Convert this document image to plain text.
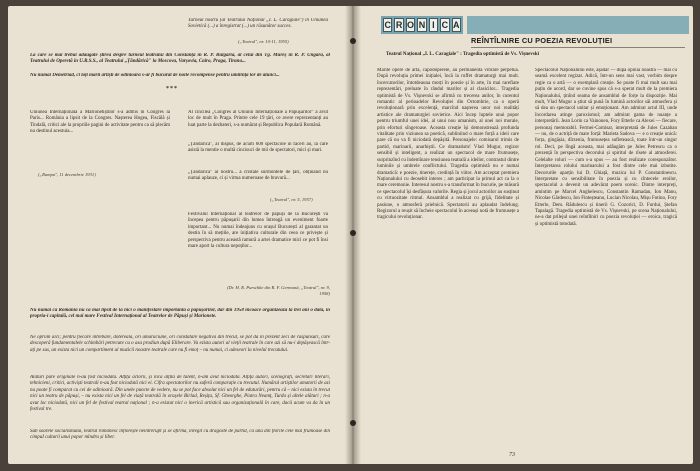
Turneul nostru (al Teatrului Național „I. L. Caragiale") în Uniunea Sovietică (...) a înregistrat (...) un răsunător succes.

(„Teatrul", nr. 10-11, 1955)

La care se mai trebui adăugate știrea despre turneul teatrului din Constanța în R. P. Bulgaria, al celui din Tg. Mureș în R. P. Ungară, al Teatrului de Operetă în U.R.S.S., al Teatrului „Țăndărică" la Moscova, Varșovia, Cairo, Praga, Tirana...

Nu numai Demetriad, ci toți marii artiști de odinioară s-ar fi bucurat de noile recompense pentru umilința lor de atunci...

***

Uniunea Internațională a Marionetiștilor s-a admis în Congres la Paris... România a lipsit de la Congres. Nașterea Hogea, Fiscălă și Tindală, critici ale la propriile pagini de activitate pentru ca să plecăm nu destinul acestuia...

(„Rampa", 11 decembrie 1931)

Al cincilea „Congres al Uniunii Internaționale a Păpușarilor" a avut loc de mult în Praga. Printre cele 19 țări, ce avere reprezentanți au luat parte la dezbateri, s-a numărat și Republica Populară Română.

„Țăndărica", al dispus, de acum 600 spectacole în faceri au, la care asistă la mentie o multă cincisuci de mii de spectatori, mici și mari.

„Țăndărica" al nostru... a cristale surmontele de țări, obținând nu numai aplauze, ci și virtua numeroase de bravură...

(„Teatrul", nr. 5, 1957)

Festivalul Internațional al teatrelor de păpuși de la București va începea pentru păpușarii din lumea întreagă un eveniment foarte important... Nu numai îndeajuns cu orașul București al garantat un destin în să mețiile, are inițiativa culturale din ceea ce privește și perspectiva pentru această ramură a artei dramatice mici ce pot fi însi mare aport la cultura nepoților...

(Dr. H. R. Purschke din R. F. Germană, „Teatrul", nr. 9, 1958)

Nu numai că România nu ca mai lipsit de la nici o manifestare importantă a păpușarilor, dar din 1958 încoace organizează la trei ani o dată, în propria-i capitală, cel mai mare Festival Internațional al Teatrelor de Păpuși și Marionete.

Ne opriim aici; pentru fiecare întrebare, dotereala, ori amărăciune, ori constatare negativă din trecut, se pot da în prezent zeci de răspunsuri, care descoperă fundamentalele schimbări petrecute cu o asa prodiun după Eliberare. Va ezista autori al vieții teatrale în care azi să nu-i depășească într-ați pe sus, un exista nici un compartiment al muzicii noastre teatrale care nu fi emoț – nu numai, ci adeseori la nivelul trecutului.

Alături pure originale n-au fost niciodată. Alțița actorii, și încă alțita de talent, n-am avut niciodată. Alțița autori, scenografi, secretari literari, tehnicieni, critici, activiști teatrali n-au fost niciodată nici ei. Cifra spectatorilor nu suferă comparație cu trecutul. Numărul artiștilor amatorii de azi nu poate fi comparat cu cei de odinioară. Din unele puncte de vedere, nu se pot face absolut nici un fel de eduturări, pentru că – nici exista în trecut nici un teatru de păpuși, – nu exista nici un fel de viață teatrală în orașele Birlad, Reșița, Sf. Gheorghe, Piatra Neamț, Turda și altele alături ; n-a avut loc niciodată, nici un fel de festival teatral național ; n-a existat nici o inerică artistică sau organizațională în care, dacă acum va da în un festival tre.

Sub soarele socialismului, teatrul românesc înflorește neîntrerupt și se afirmă, inregit cu dragoste de partid, ca una din florile cele mai frumoase din cimpuI culturii unui popor mîndru și liber.

C R O N I C A
REÎNTÎLNIRE CU POEZIA REVOLUȚIEI
Teatrul Național „I. L. Caragiale" : Tragedia optimistă de Vs. Vișnevski

Marile opere de artă, capodoperele, au permanenta vibrare perpetuă. După revoluția primei inițialei, încă la ruffet dramaturgi mai mult. încercatorilor, întotdeauna morți în poezie și în arte, în mai rarefiate reprezentări, preluate în rândul marilor și al clasicilor... Tragedia optimistă de Vs. Vișnevski se afirmă cu trecerea anilor, în curentul romantic al perioadelor Revoluției din Octombrie, ca o operă revoluționară prin excelență, marcînd nașterea unor noi realități artistice ale dramaturgiei sovietice. Aici încep luptele unui popor pentru triumful unei idei, al unui nou umanism, al unei noi morale, prin eforturi sîngeroase. Aceasta creație își demonstrează profunda vitalitate prin viziunea sa poetică, subliniind o mare forță a ideii care pare că nu va fi niciodată depășită. Personajele: comisarul trimis de partid, marinarii, anarhiștii. Ce dramatism! Vlad Mugur, regizor sensibil și inteligent, a realizat un spectacol de mare frumusețe, surprinzînd cu îndemînare tensiunea teatrală a ideilor, contrastul dintre luminile și umbrele conflictului. Tragedia optimistă nu e numai dramatică: e poezie, tinerețe, credință în viitor. Am acceptat premiera Naționalului cu deosebit interes ; am participat la primul act ca la o mare ceremonie. Interesul nostru s-a transformat în bucurie, pe măsură ce spectacolul își desfășura valorile. Regia și jocul actorilor au susținut cu virtuozitate ritmul. Ansamblul a realizat cu grijă, fidelitate și pasiune, o atmosferă prielnică. Spectatorii au aplaudat îndelung. Regizorul a reușit să încheie spectacolul în aceeași notă de frumusețe a tragicului revoluționar.

Spectacolul Naționalului este, așadar — după opinia noastră — mai cu seamă excelent regizat. Adică, într-un sens mai vast, vorbim despre regie ca o artă — o exemplară creație. Se poate fi mai mult sau mai puțin de acord, dar se cuvine spus că s-a sperat mult de la premiera Naționalului, ținînd seama de ansamblul de forțe la dispoziție. Mai mult, Vlad Mugur a știut să pună în lumină actorilor săi atmosfera și să dea un spectacol unitar și emoționant. Am admirat actul III, unde încordarea atinge paroxismul; am admirat gama de nuanțe a interpretării. Jean Lorin ca Vainonen, Fory Etterle ca Alexei — fiecare, personaj memorabil. Fermei-Comisar, interpretată de Jules Cazaban — nu, de o actriță de mare forță: Marieta Sadova — e o creație unică: forța, gingășia, dîrzenia, frumusețea sufletească, toate într-un singur rol. Deci, pe lîngă aceasta, mai adăugăm pe Jules Petrescu ca o prezență în perspectiva decorului și spiritul de rîsete al atmosferei. Celelalte roluri — cum s-a spus — au fost realizate corespunzător. Interpretarea rolului marinarului a fost dintre cele mai izbutite. Decorurile aparțin lui D. Ghiață, muzica lui P. Constantinescu. Interpretate cu sensibilitate în poezia și cu cîntecele eroilor, spectacolul a devenit un adevărat poem scenic. Dintre interpreți, amintim pe Marcel Anghelescu, Constantin Ramadan, Ion Manu, Nicolae Gărdescu, Ion Finteșteanu, Lucian Nicolau, Mișu Fotino, Fory Etterle, Dem. Rădulescu și tinerii G. Cozorici, D. Furdui, Ștefan Tapalagă. Tragedia optimistă de Vs. Vișnevski, pe scena Naționalului, ne-a dat prilejul unei reîntîlniri cu poezia revoluției — eroica, tragică și optimistă totodată.

73
